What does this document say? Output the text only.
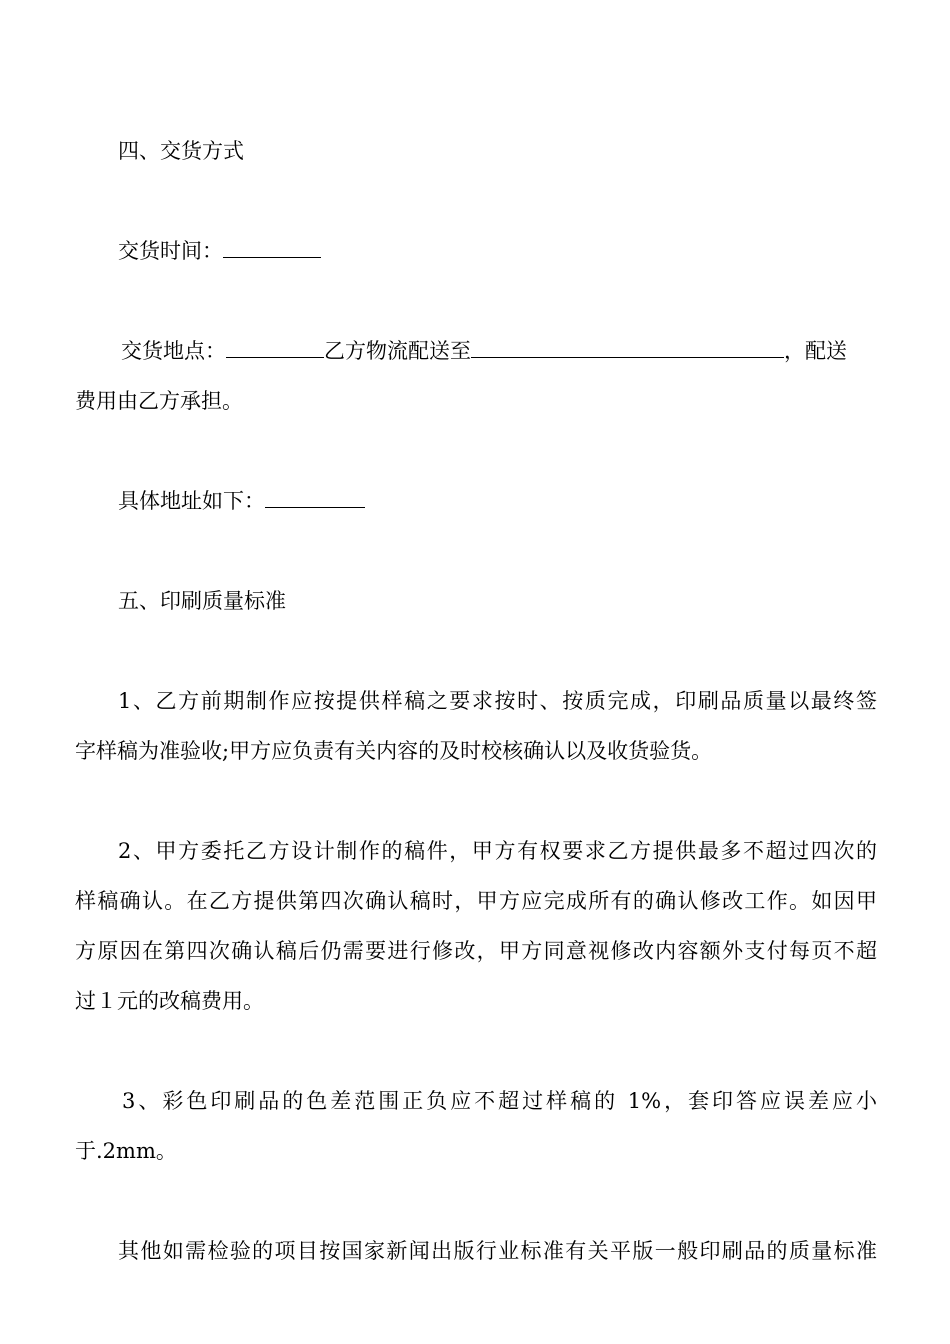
四、交货方式
交货时间：
交货地点：	乙方物流配送至	，配送
费用由乙方承担。
具体地址如下：
五、印刷质量标准
1、乙方前期制作应按提供样稿之要求按时、按质完成，印刷品质量以最终签
字样稿为准验收;甲方应负责有关内容的及时校核确认以及收货验货。
2、甲方委托乙方设计制作的稿件，甲方有权要求乙方提供最多不超过四次的
样稿确认。在乙方提供第四次确认稿时，甲方应完成所有的确认修改工作。如因甲
方原因在第四次确认稿后仍需要进行修改，甲方同意视修改内容额外支付每页不超
过１元的改稿费用。
3、彩色印刷品的色差范围正负应不超过样稿的 1%，套印答应误差应小
于.2mm。
其他如需检验的项目按国家新闻出版行业标准有关平版一般印刷品的质量标准
